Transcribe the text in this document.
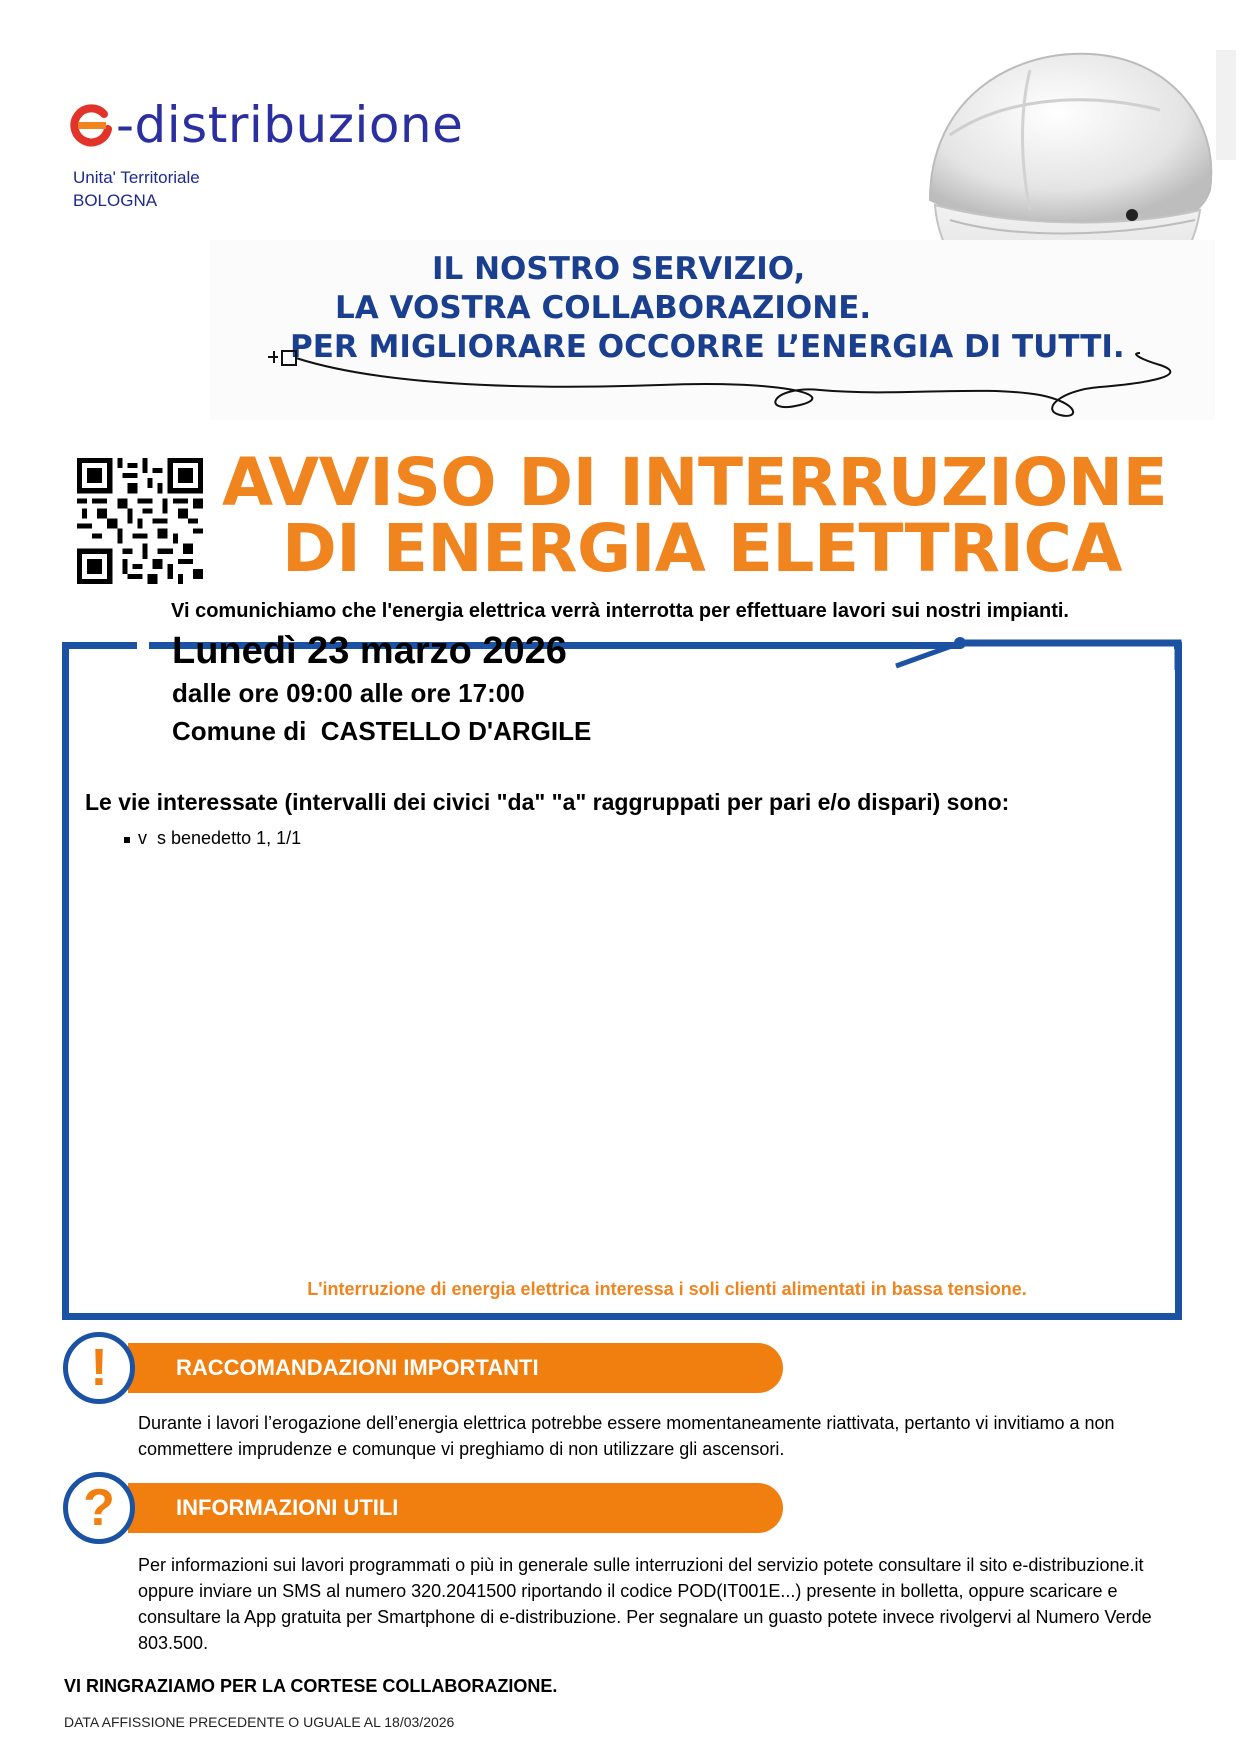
-distribuzione
Unita' Territoriale
BOLOGNA
IL NOSTRO SERVIZIO,
LA VOSTRA COLLABORAZIONE.
PER MIGLIORARE OCCORRE L’ENERGIA DI TUTTI.
AVVISO DI INTERRUZIONE
DI ENERGIA ELETTRICA
Vi comunichiamo che l'energia elettrica verrà interrotta per effettuare lavori sui nostri impianti.
Lunedì 23 marzo 2026
dalle ore 09:00 alle ore 17:00
Comune di  CASTELLO D'ARGILE
Le vie interessate (intervalli dei civici "da" "a" raggruppati per pari e/o dispari) sono:
v  s benedetto 1, 1/1
L'interruzione di energia elettrica interessa i soli clienti alimentati in bassa tensione.
RACCOMANDAZIONI IMPORTANTI
!
Durante i lavori l’erogazione dell’energia elettrica potrebbe essere momentaneamente riattivata, pertanto vi invitiamo a non commettere imprudenze e comunque vi preghiamo di non utilizzare gli ascensori.
INFORMAZIONI UTILI
?
Per informazioni sui lavori programmati o più in generale sulle interruzioni del servizio potete consultare il sito e-distribuzione.it oppure inviare un SMS al numero 320.2041500 riportando il codice POD(IT001E...) presente in bolletta, oppure scaricare e consultare la App gratuita per Smartphone di e-distribuzione. Per segnalare un guasto potete invece rivolgervi al Numero Verde 803.500.
VI RINGRAZIAMO PER LA CORTESE COLLABORAZIONE.
DATA AFFISSIONE PRECEDENTE O UGUALE AL 18/03/2026
